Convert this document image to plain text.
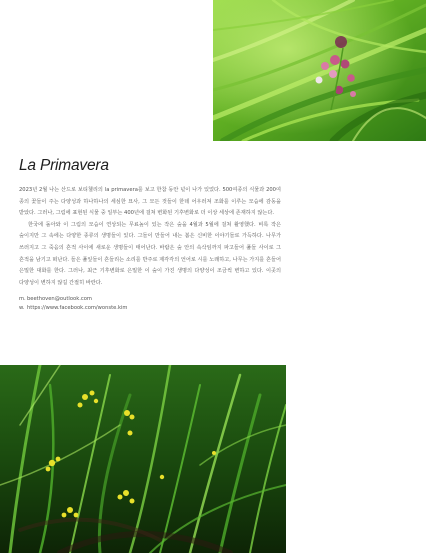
La Primavera

2023년 2월 나는 산드로 보티첼리의 la primavera를 보고 한참 동안 넋이 나가 있었다. 500여종의 식물과 200여 종의 꽃들이 주는 다양성과 하나하나의 세심한 묘사, 그 모든 것들이 한데 어우러져 조화를 이루는 모습에 감동을 받았다. 그러나, 그림에 표현된 식물 중 일부는 400년에 걸쳐 변화된 기후변화로 더 이상 세상에 존재하지 않는다.

한국에 돌아와 이 그림의 모습이 연상되는 무료높이 있는 작은 숲을 4월과 5월에 걸쳐 촬영했다. 비록 작은 숲이지만 그 속에는 다양한 종류의 생명들이 있다. 그들이 만들어 내는 봄은 신비한 이야기들로 가득하다. 나무가 쓰러지고 그 죽음의 흔적 사이에 새로운 생명들이 태어난다. 바람은 숲 안의 속삭임까지 파고들어 풀들 사이로 그 흔적을 남기고 떠난다. 들은 풀잎들이 흔들리는 소리를 반주로 제각각의 언어로 시를 노래하고, 나무는 가지를 흔들어 은밀한 대화를 한다. 그러나, 최근 기후변화로 은밀한 이 숲이 가진 생명의 다양성이 조금씩 변하고 있다. 이곳의 다양성이 변하지 않길 간절히 바란다.

m. beethoven@outlook.com
w. https://www.facebook.com/wonste.kim
